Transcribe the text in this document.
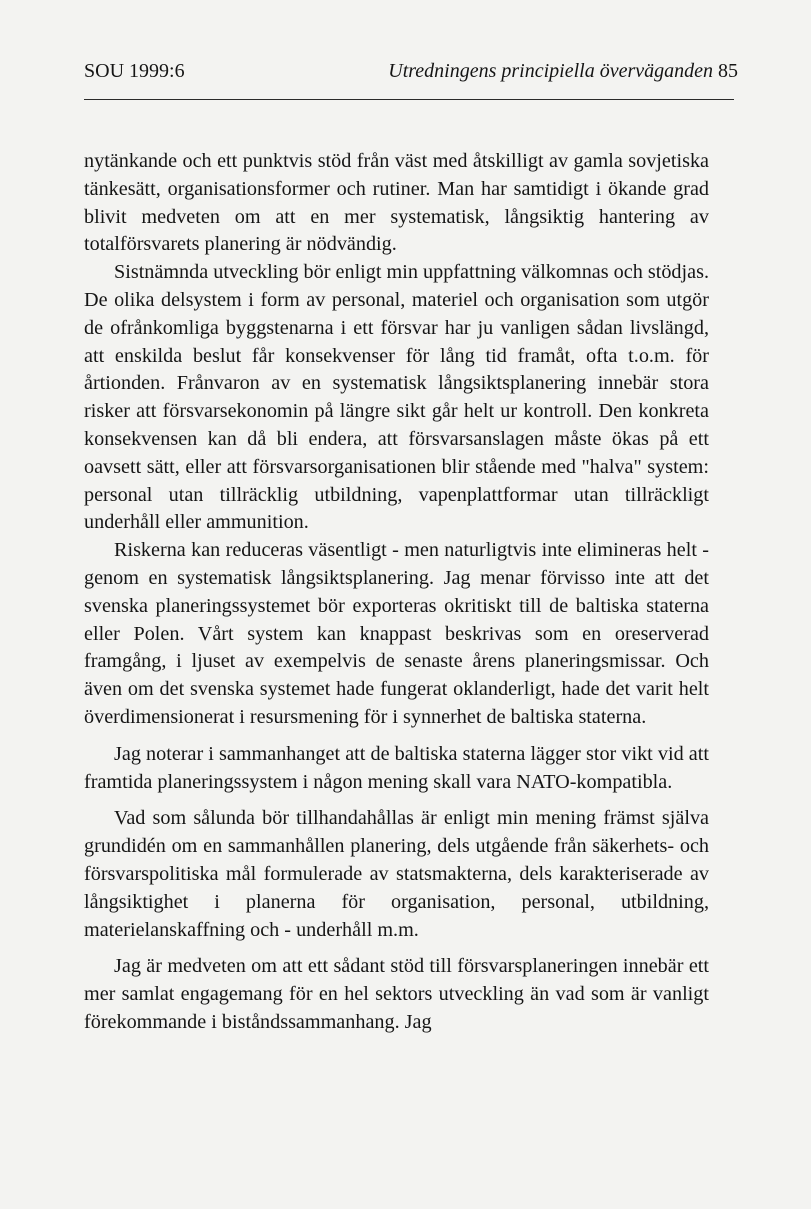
SOU 1999:6	Utredningens principiella överväganden 85

nytänkande och ett punktvis stöd från väst med åtskilligt av gamla sovjetiska tänkesätt, organisationsformer och rutiner. Man har samtidigt i ökande grad blivit medveten om att en mer systematisk, långsiktig hantering av totalförsvarets planering är nödvändig.

Sistnämnda utveckling bör enligt min uppfattning välkomnas och stödjas. De olika delsystem i form av personal, materiel och organisation som utgör de ofrånkomliga byggstenarna i ett försvar har ju vanligen sådan livslängd, att enskilda beslut får konsekvenser för lång tid framåt, ofta t.o.m. för årtionden. Frånvaron av en systematisk långsiktsplanering innebär stora risker att försvarsekonomin på längre sikt går helt ur kontroll. Den konkreta konsekvensen kan då bli endera, att försvarsanslagen måste ökas på ett oavsett sätt, eller att försvarsorganisationen blir stående med "halva" system: personal utan tillräcklig utbildning, vapenplattformar utan tillräckligt underhåll eller ammunition.

Riskerna kan reduceras väsentligt - men naturligtvis inte elimineras helt - genom en systematisk långsiktsplanering. Jag menar förvisso inte att det svenska planeringssystemet bör exporteras okritiskt till de baltiska staterna eller Polen. Vårt system kan knappast beskrivas som en oreserverad framgång, i ljuset av exempelvis de senaste årens planeringsmissar. Och även om det svenska systemet hade fungerat oklanderligt, hade det varit helt överdimensionerat i resursmening för i synnerhet de baltiska staterna.

Jag noterar i sammanhanget att de baltiska staterna lägger stor vikt vid att framtida planeringssystem i någon mening skall vara NATO-kompatibla.

Vad som sålunda bör tillhandahållas är enligt min mening främst själva grundidén om en sammanhållen planering, dels utgående från säkerhets- och försvarspolitiska mål formulerade av statsmakterna, dels karakteriserade av långsiktighet i planerna för organisation, personal, utbildning, materielanskaffning och - underhåll m.m.

Jag är medveten om att ett sådant stöd till försvarsplaneringen innebär ett mer samlat engagemang för en hel sektors utveckling än vad som är vanligt förekommande i biståndssammanhang. Jag
